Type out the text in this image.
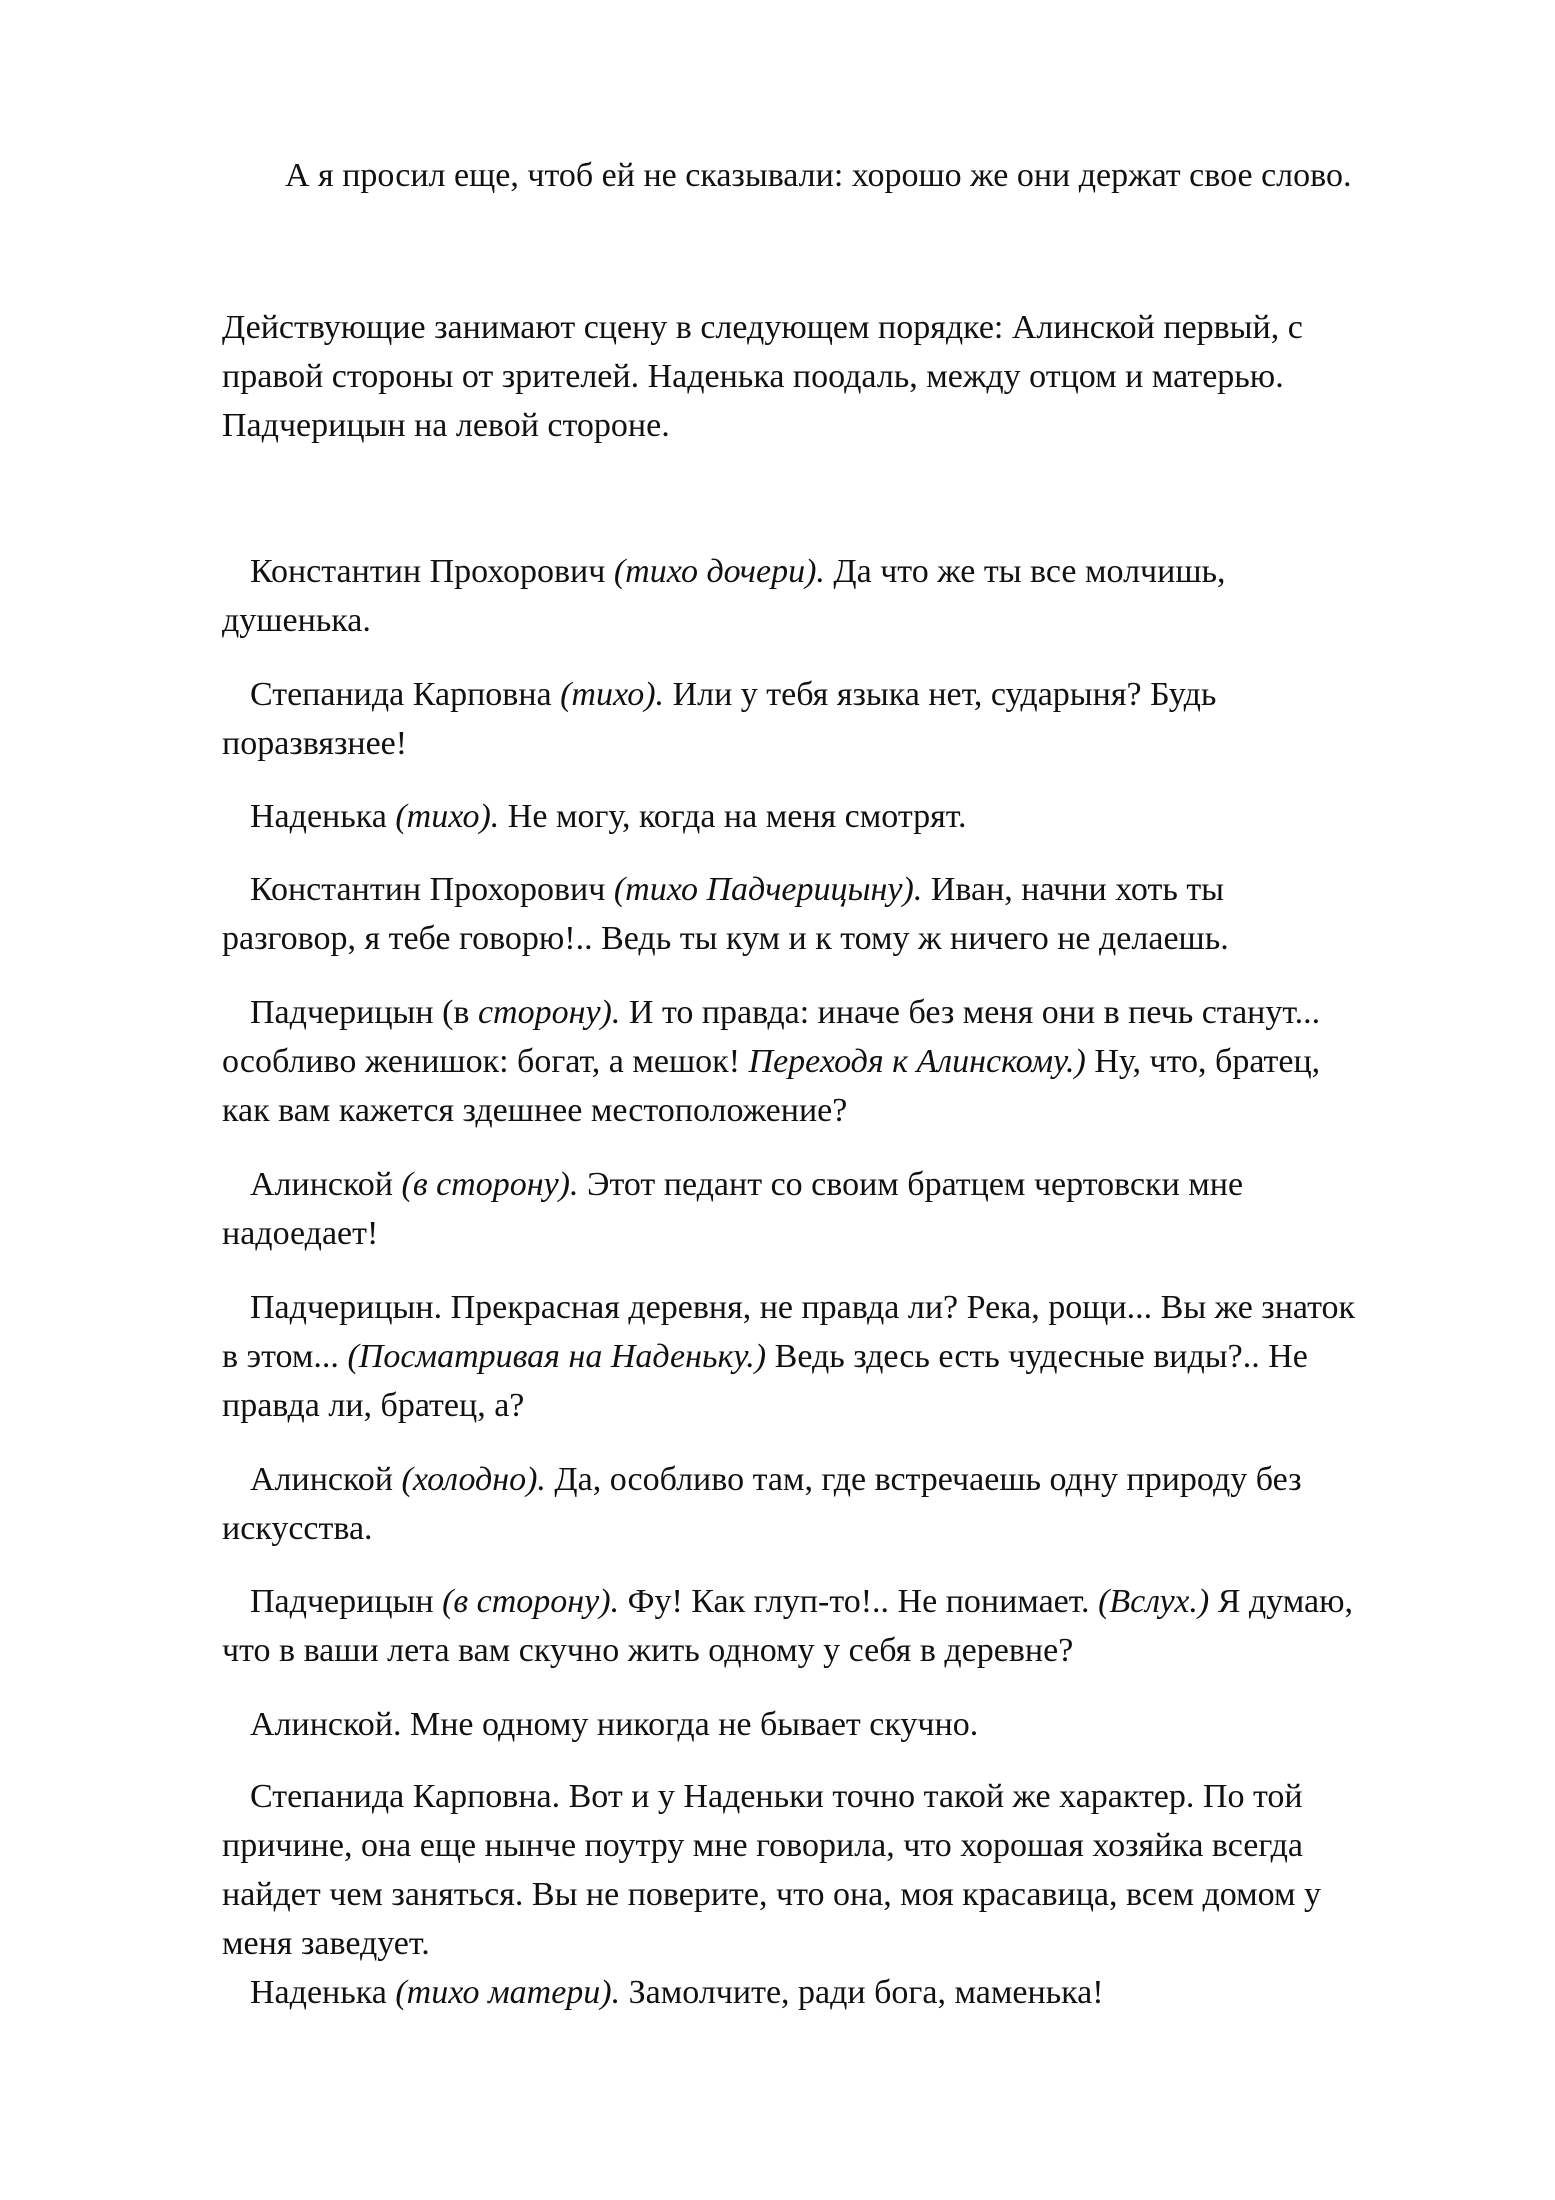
А я просил еще, чтоб ей не сказывали: хорошо же они держат свое слово.
Действующие занимают сцену в следующем порядке: Алинской первый, с
правой стороны от зрителей. Наденька поодаль, между отцом и матерью.
Падчерицын на левой стороне.
Константин Прохорович (тихо дочери). Да что же ты все молчишь,
душенька.
Степанида Карповна (тихо). Или у тебя языка нет, сударыня? Будь
поразвязнее!
Наденька (тихо). Не могу, когда на меня смотрят.
Константин Прохорович (тихо Падчерицыну). Иван, начни хоть ты
разговор, я тебе говорю!.. Ведь ты кум и к тому ж ничего не делаешь.
Падчерицын (в сторону). И то правда: иначе без меня они в печь станут...
особливо женишок: богат, а мешок! Переходя к Алинскому.) Ну, что, братец,
как вам кажется здешнее местоположение?
Алинской (в сторону). Этот педант со своим братцем чертовски мне
надоедает!
Падчерицын. Прекрасная деревня, не правда ли? Река, рощи... Вы же знаток
в этом... (Посматривая на Наденьку.) Ведь здесь есть чудесные виды?.. Не
правда ли, братец, а?
Алинской (холодно). Да, особливо там, где встречаешь одну природу без
искусства.
Падчерицын (в сторону). Фу! Как глуп-то!.. Не понимает. (Вслух.) Я думаю,
что в ваши лета вам скучно жить одному у себя в деревне?
Алинской. Мне одному никогда не бывает скучно.
Степанида Карповна. Вот и у Наденьки точно такой же характер. По той
причине, она еще нынче поутру мне говорила, что хорошая хозяйка всегда
найдет чем заняться. Вы не поверите, что она, моя красавица, всем домом у
меня заведует.
Наденька (тихо матери). Замолчите, ради бога, маменька!
